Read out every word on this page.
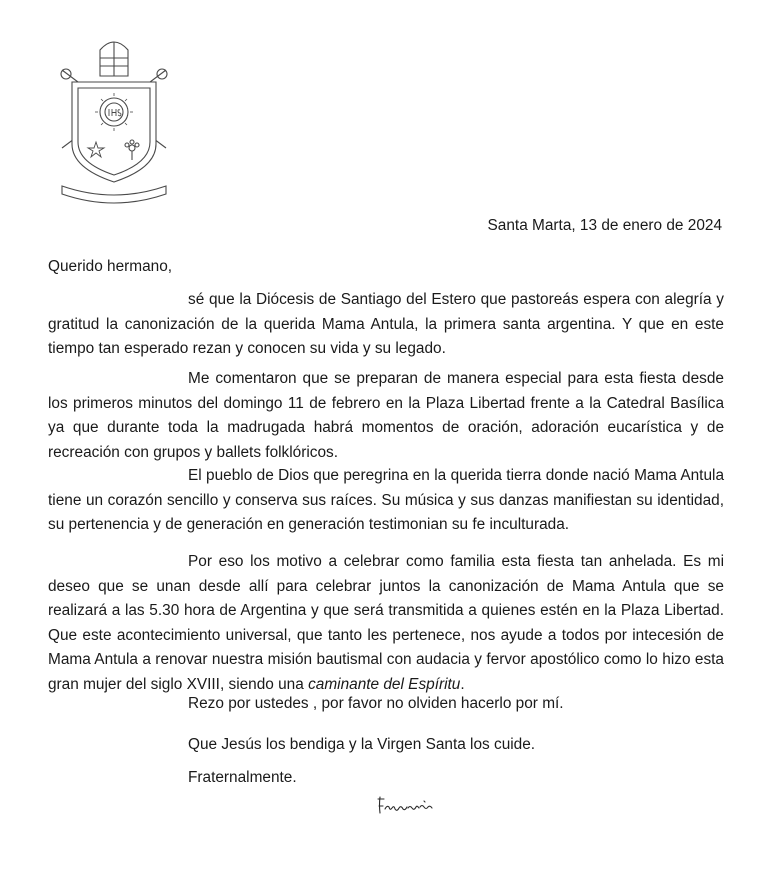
Santa Marta, 13 de enero de 2024
Querido hermano,

sé que la Diócesis de Santiago del Estero que pastoreás espera con alegría y gratitud la canonización de la querida Mama Antula, la primera santa argentina. Y que en este tiempo tan esperado rezan y conocen su vida y su legado.

Me comentaron que se preparan de manera especial para esta fiesta desde los primeros minutos del domingo 11 de febrero en la Plaza Libertad frente a la Catedral Basílica ya que durante toda la madrugada habrá momentos de oración, adoración eucarística y de recreación con grupos y ballets folklóricos.

El pueblo de Dios que peregrina en la querida tierra donde nació Mama Antula tiene un corazón sencillo y conserva sus raíces. Su música y sus danzas manifiestan su identidad, su pertenencia y de generación en generación testimonian su fe inculturada.

Por eso los motivo a celebrar como familia esta fiesta tan anhelada. Es mi deseo que se unan desde allí para celebrar juntos la canonización de Mama Antula que se realizará a las 5.30 hora de Argentina y que será transmitida a quienes estén en la Plaza Libertad. Que este acontecimiento universal, que tanto les pertenece, nos ayude a todos por intecesión de Mama Antula a renovar nuestra misión bautismal con audacia y fervor apostólico como lo hizo esta gran mujer del siglo XVIII, siendo una caminante del Espíritu.

Rezo por ustedes , por favor no olviden hacerlo por mí.
Que Jesús los bendiga y la Virgen Santa los cuide.
Fraternalmente.
